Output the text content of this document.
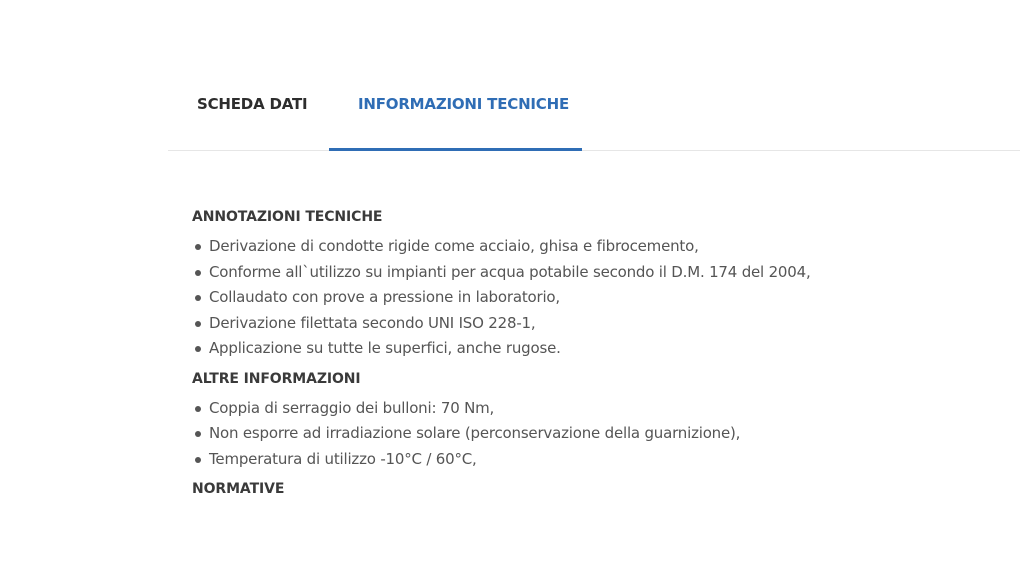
SCHEDA DATI	INFORMAZIONI TECNICHE
ANNOTAZIONI TECNICHE
Derivazione di condotte rigide come acciaio, ghisa e fibrocemento,
Conforme all`utilizzo su impianti per acqua potabile secondo il D.M. 174 del 2004,
Collaudato con prove a pressione in laboratorio,
Derivazione filettata secondo UNI ISO 228-1,
Applicazione su tutte le superfici, anche rugose.
ALTRE INFORMAZIONI
Coppia di serraggio dei bulloni: 70 Nm,
Non esporre ad irradiazione solare (perconservazione della guarnizione),
Temperatura di utilizzo -10°C / 60°C,
NORMATIVE
